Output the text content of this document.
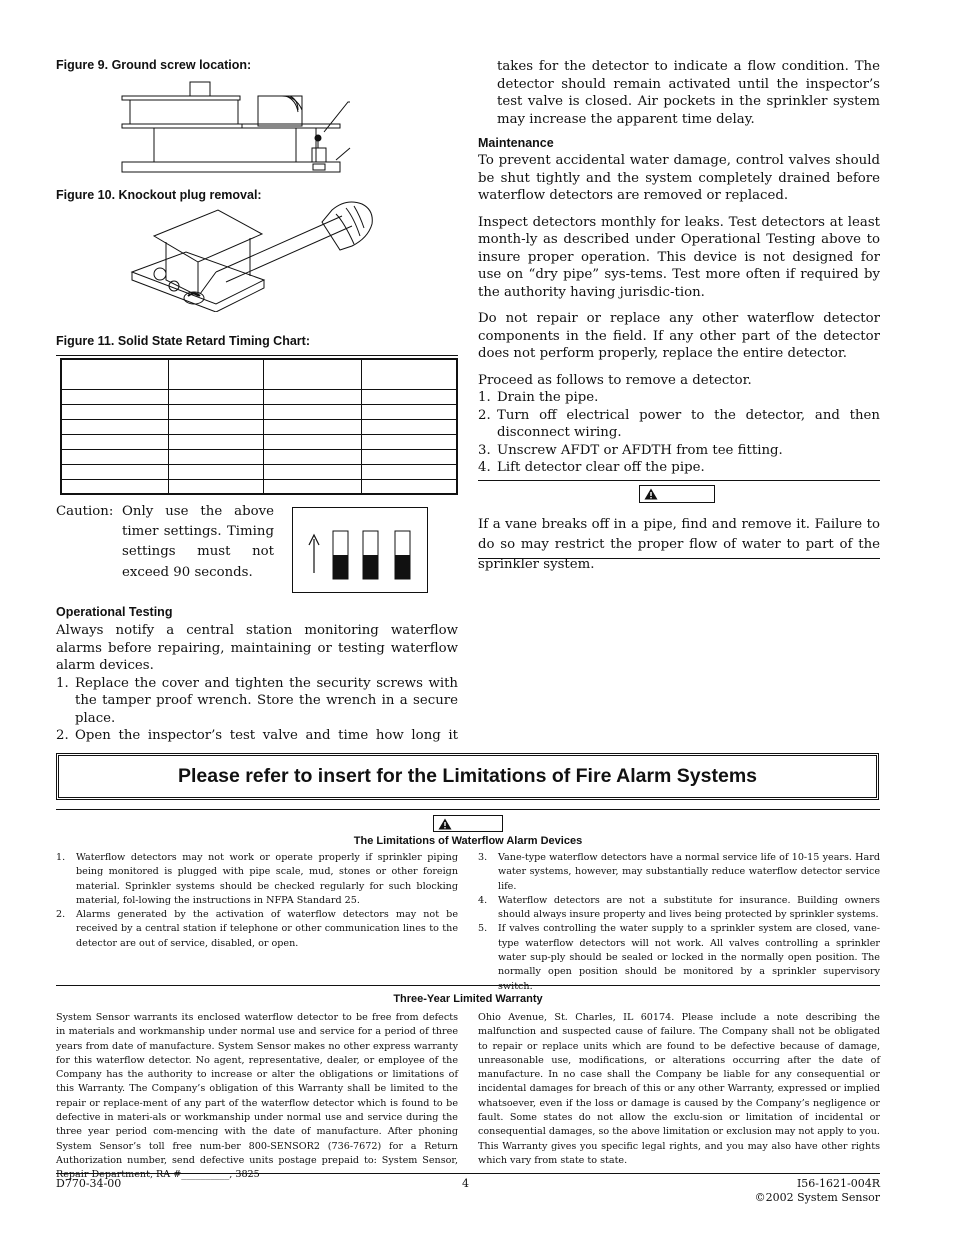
Figure 9. Ground screw location:
Figure 10. Knockout plug removal:
Figure 11. Solid State Retard Timing Chart:

Caution: Only use the above timer settings. Timing settings must not exceed 90 seconds.
Operational Testing

Always notify a central station monitoring waterflow alarms before repairing, maintaining or testing waterflow alarm devices.

1. Replace the cover and tighten the security screws with the tamper proof wrench. Store the wrench in a secure place.
2. Open the inspector’s test valve and time how long it
takes for the detector to indicate a flow condition. The detector should remain activated until the inspector’s test valve is closed. Air pockets in the sprinkler system may increase the apparent time delay.
Maintenance

To prevent accidental water damage, control valves should be shut tightly and the system completely drained before waterflow detectors are removed or replaced.

Inspect detectors monthly for leaks. Test detectors at least month-ly as described under Operational Testing above to insure proper operation. This device is not designed for use on “dry pipe” sys-tems. Test more often if required by the authority having jurisdic-tion.

Do not repair or replace any other waterflow detector components in the field. If any other part of the detector does not perform properly, replace the entire detector.

Proceed as follows to remove a detector.

1. Drain the pipe.
2. Turn off electrical power to the detector, and then disconnect wiring.
3. Unscrew AFDT or AFDTH from tee fitting.
4. Lift detector clear off the pipe.
If a vane breaks off in a pipe, find and remove it. Failure to do so may restrict the proper flow of water to part of the sprinkler system.
Please refer to insert for the Limitations of Fire Alarm Systems
The Limitations of Waterflow Alarm Devices
1. Waterflow detectors may not work or operate properly if sprinkler piping being monitored is plugged with pipe scale, mud, stones or other foreign material. Sprinkler systems should be checked regularly for such blocking material, fol-lowing the instructions in NFPA Standard 25.
2. Alarms generated by the activation of waterflow detectors may not be received by a central station if telephone or other communication lines to the detector are out of service, disabled, or open.
3. Vane-type waterflow detectors have a normal service life of 10-15 years. Hard water systems, however, may substantially reduce waterflow detector service life.
4. Waterflow detectors are not a substitute for insurance. Building owners should always insure property and lives being protected by sprinkler systems.
5. If valves controlling the water supply to a sprinkler system are closed, vane-type waterflow detectors will not work. All valves controlling a sprinkler water sup-ply should be sealed or locked in the normally open position. The normally open position should be monitored by a sprinkler supervisory switch.
Three-Year Limited Warranty
System Sensor warrants its enclosed waterflow detector to be free from defects in materials and workmanship under normal use and service for a period of three years from date of manufacture. System Sensor makes no other express warranty for this waterflow detector. No agent, representative, dealer, or employee of the Company has the authority to increase or alter the obligations or limitations of this Warranty. The Company’s obligation of this Warranty shall be limited to the repair or replace-ment of any part of the waterflow detector which is found to be defective in materi-als or workmanship under normal use and service during the three year period com-mencing with the date of manufacture. After phoning System Sensor’s toll free num-ber 800-SENSOR2 (736-7672) for a Return Authorization number, send defective units postage prepaid to: System Sensor, Repair Department, RA #__________, 3825
Ohio Avenue, St. Charles, IL 60174. Please include a note describing the malfunction and suspected cause of failure. The Company shall not be obligated to repair or replace units which are found to be defective because of damage, unreasonable use, modifications, or alterations occurring after the date of manufacture. In no case shall the Company be liable for any consequential or incidental damages for breach of this or any other Warranty, expressed or implied whatsoever, even if the loss or damage is caused by the Company’s negligence or fault. Some states do not allow the exclu-sion or limitation of incidental or consequential damages, so the above limitation or exclusion may not apply to you. This Warranty gives you specific legal rights, and you may also have other rights which vary from state to state.
D770-34-00	4	I56-1621-004R
©2002 System Sensor
